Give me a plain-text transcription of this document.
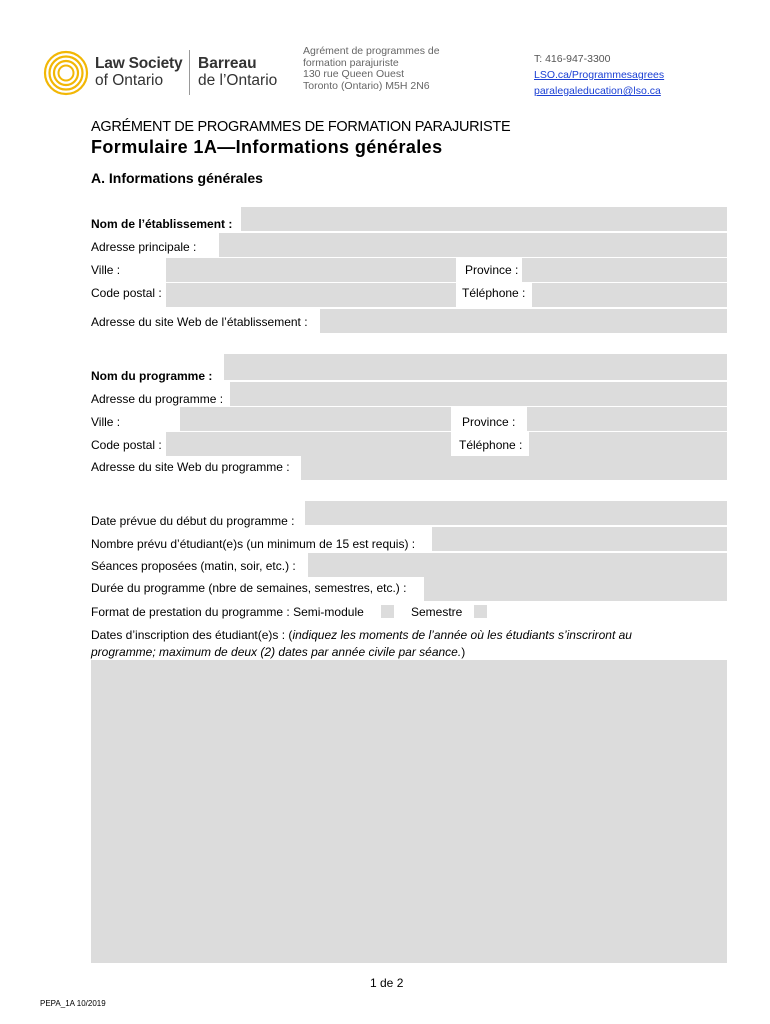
Law Society
of Ontario
Barreau
de l’Ontario
Agrément de programmes de
formation parajuriste
130 rue Queen Ouest
Toronto (Ontario) M5H 2N6
T: 416-947-3300
LSO.ca/Programmesagrees
paralegaleducation@lso.ca
AGRÉMENT DE PROGRAMMES DE FORMATION PARAJURISTE
Formulaire 1A—Informations générales
A. Informations générales
Nom de l’établissement :
Adresse principale :
Ville :	Province :
Code postal :	Téléphone :
Adresse du site Web de l’établissement :
Nom du programme :
Adresse du programme :
Ville :	Province :
Code postal :	Téléphone :
Adresse du site Web du programme :
Date prévue du début du programme :
Nombre prévu d’étudiant(e)s (un minimum de 15 est requis) :
Séances proposées (matin, soir, etc.) :
Durée du programme (nbre de semaines, semestres, etc.) :
Format de prestation du programme : Semi-module	Semestre
Dates d’inscription des étudiant(e)s : (indiquez les moments de l’année où les étudiants s’inscriront au programme; maximum de deux (2) dates par année civile par séance.)
1 de 2
PEPA_1A 10/2019
